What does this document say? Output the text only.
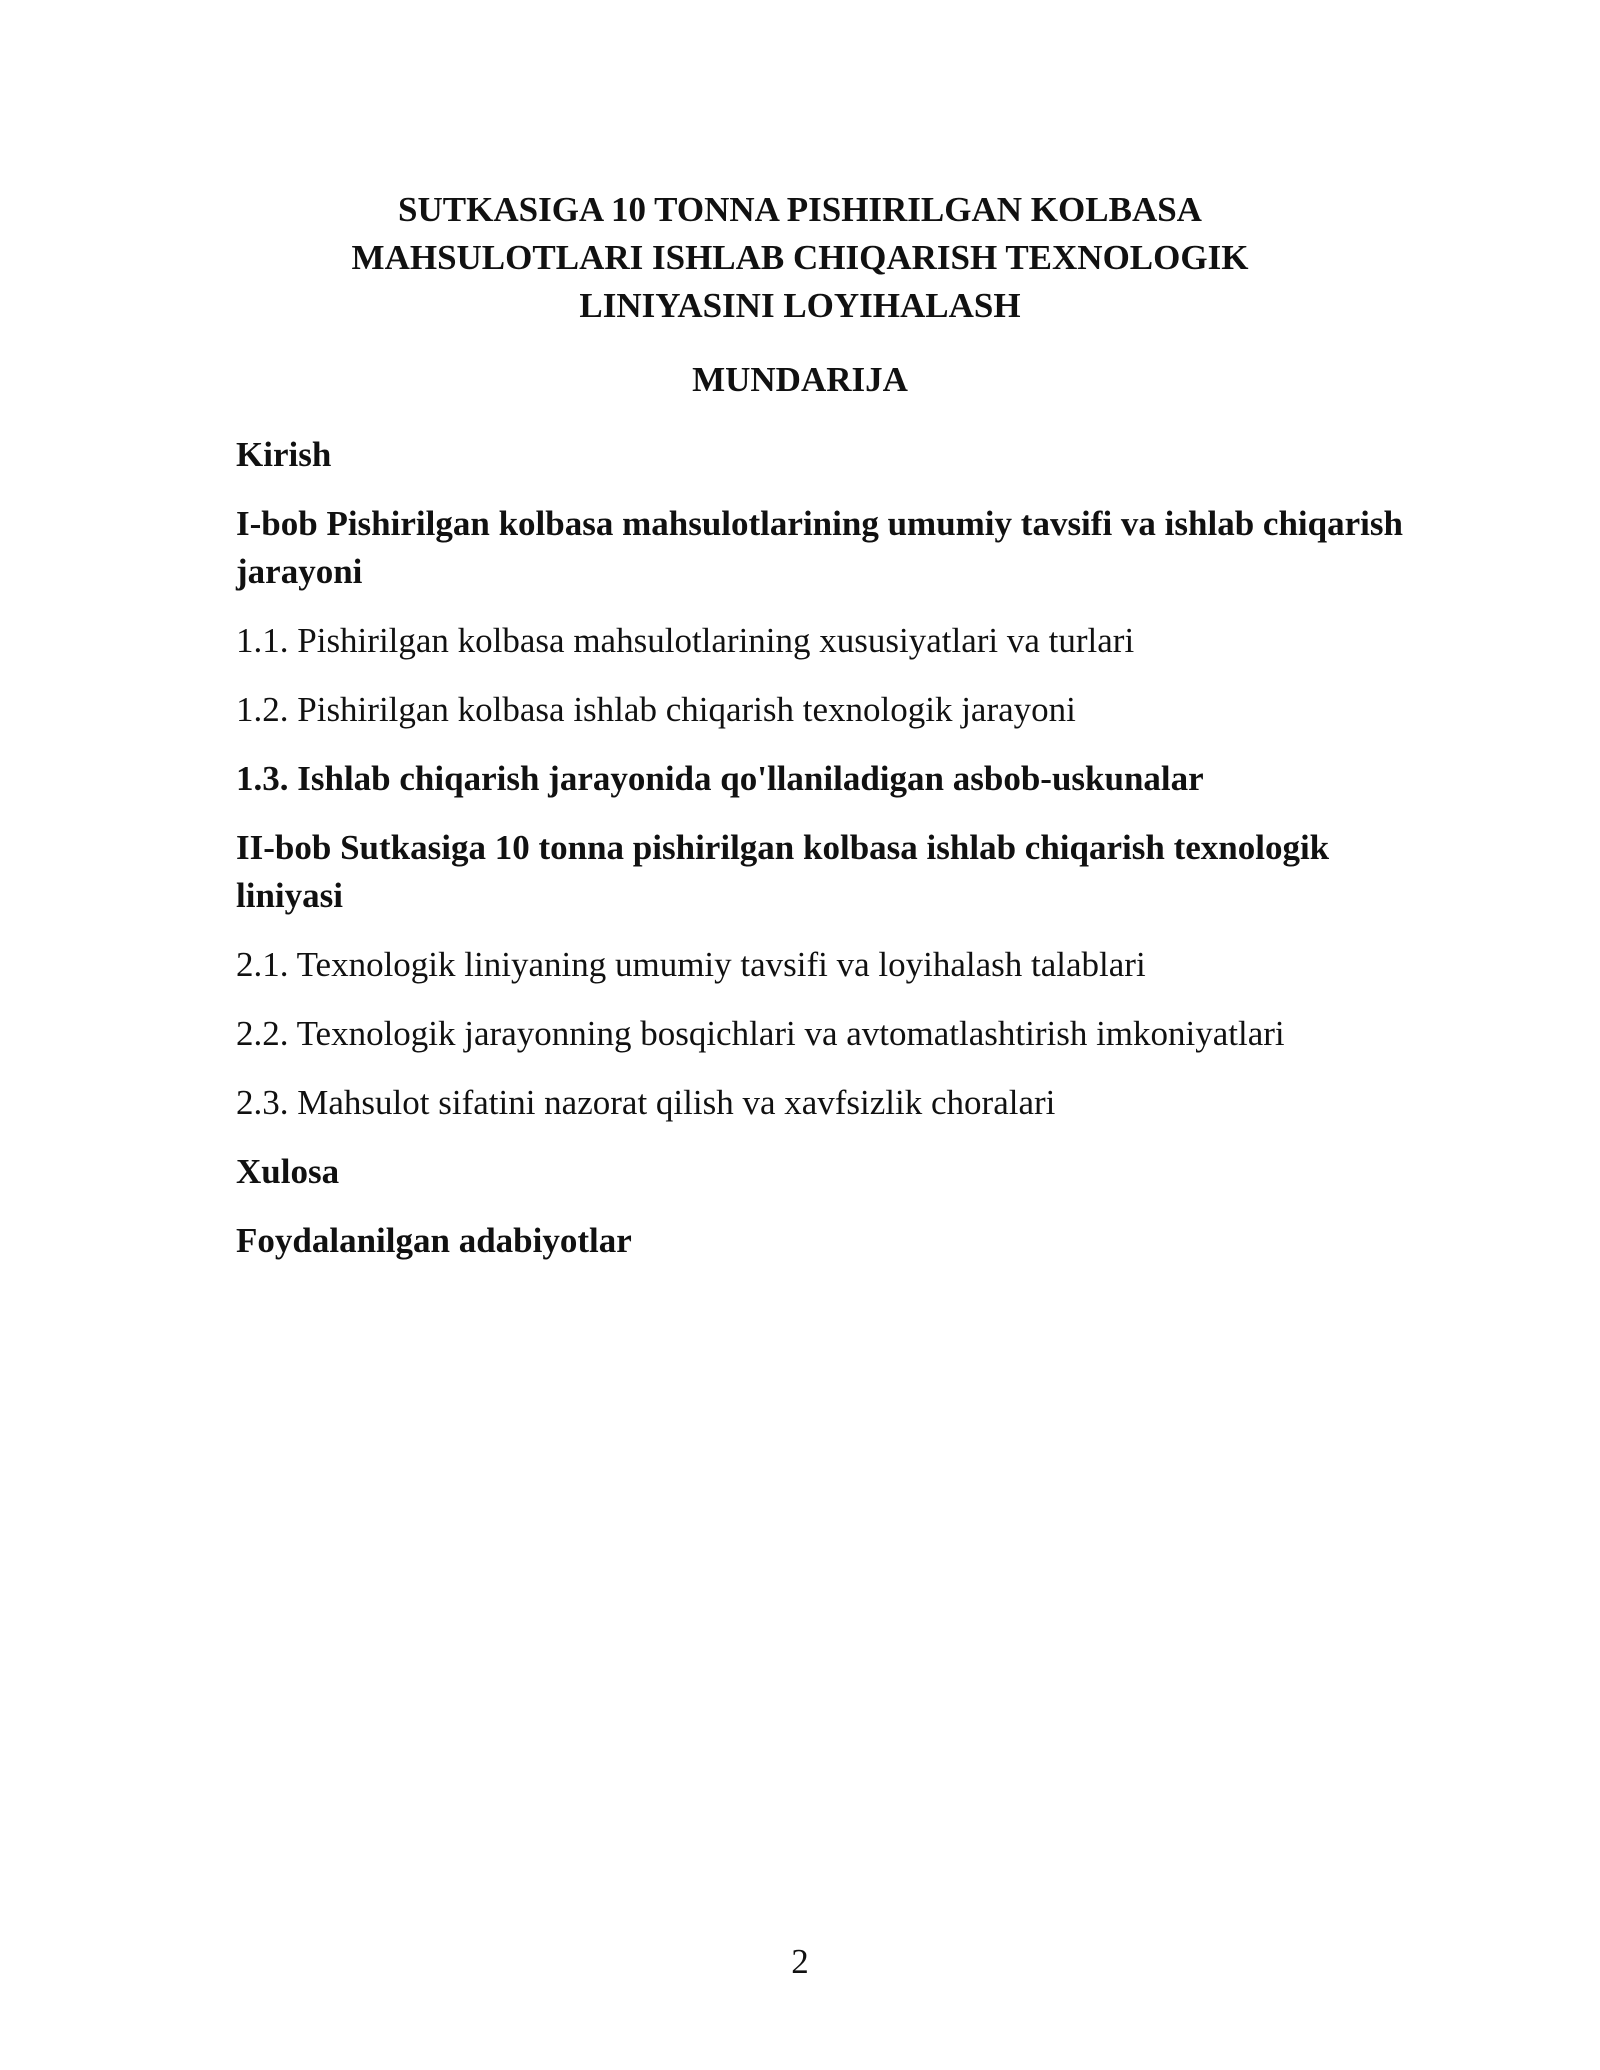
SUTKASIGA 10 TONNA PISHIRILGAN KOLBASA
MAHSULOTLARI ISHLAB CHIQARISH TEXNOLOGIK
LINIYASINI LOYIHALASH
MUNDARIJA
Kirish
I-bob Pishirilgan kolbasa mahsulotlarining umumiy tavsifi va ishlab chiqarish jarayoni
1.1. Pishirilgan kolbasa mahsulotlarining xususiyatlari va turlari
1.2. Pishirilgan kolbasa ishlab chiqarish texnologik jarayoni
1.3. Ishlab chiqarish jarayonida qo'llaniladigan asbob-uskunalar
II-bob Sutkasiga 10 tonna pishirilgan kolbasa ishlab chiqarish texnologik liniyasi
2.1. Texnologik liniyaning umumiy tavsifi va loyihalash talablari
2.2. Texnologik jarayonning bosqichlari va avtomatlashtirish imkoniyatlari
2.3. Mahsulot sifatini nazorat qilish va xavfsizlik choralari
Xulosa
Foydalanilgan adabiyotlar
2
